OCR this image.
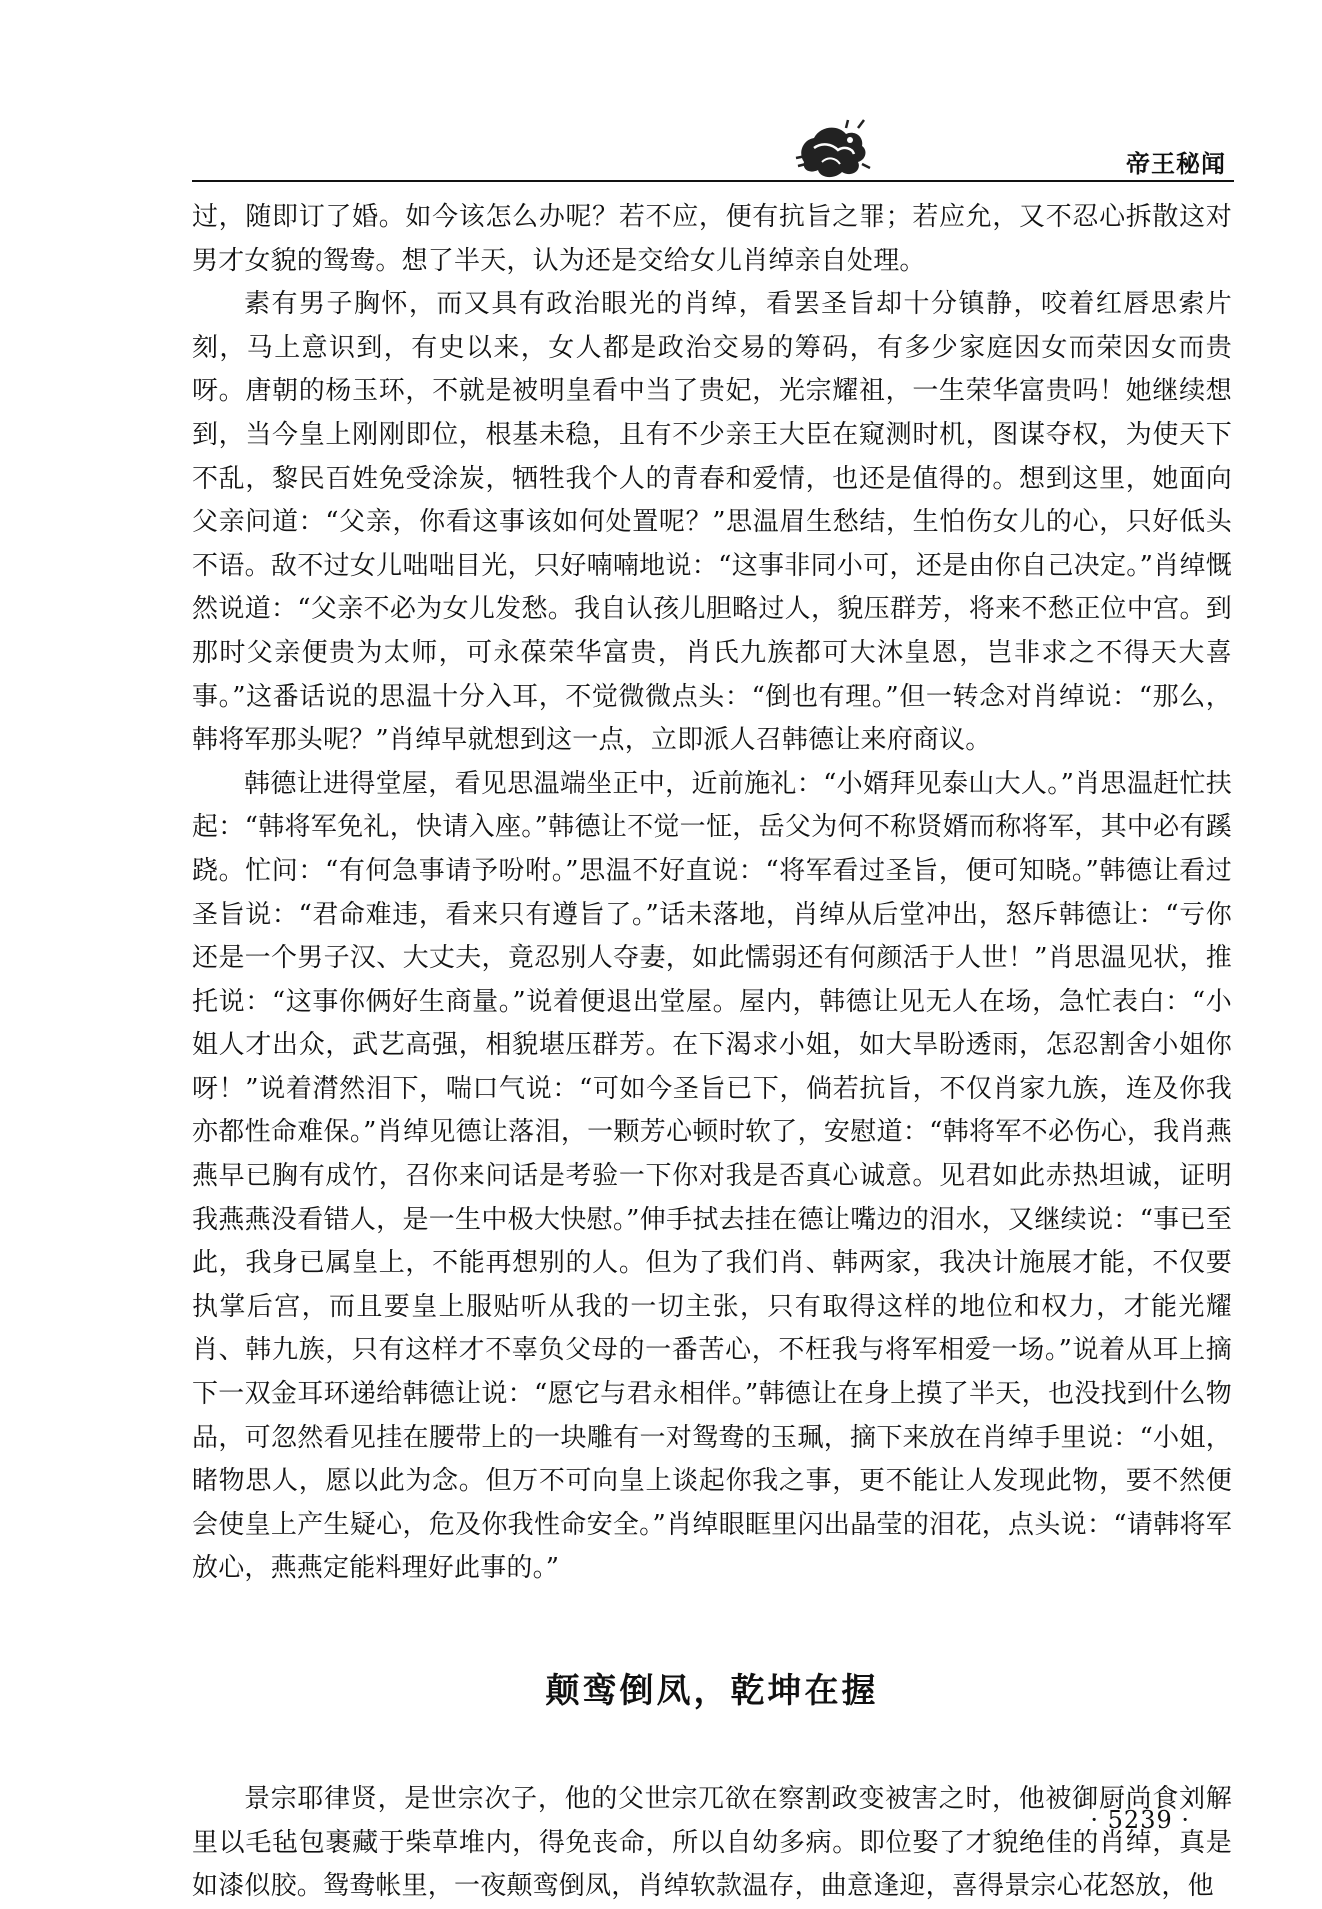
帝王秘闻

过，随即订了婚。如今该怎么办呢？若不应，便有抗旨之罪；若应允，又不忍心拆散这对男才女貌的鸳鸯。想了半天，认为还是交给女儿肖绰亲自处理。

素有男子胸怀，而又具有政治眼光的肖绰，看罢圣旨却十分镇静，咬着红唇思索片刻，马上意识到，有史以来，女人都是政治交易的筹码，有多少家庭因女而荣因女而贵呀。唐朝的杨玉环，不就是被明皇看中当了贵妃，光宗耀祖，一生荣华富贵吗！她继续想到，当今皇上刚刚即位，根基未稳，且有不少亲王大臣在窥测时机，图谋夺权，为使天下不乱，黎民百姓免受涂炭，牺牲我个人的青春和爱情，也还是值得的。想到这里，她面向父亲问道：“父亲，你看这事该如何处置呢？”思温眉生愁结，生怕伤女儿的心，只好低头不语。敌不过女儿咄咄目光，只好喃喃地说：“这事非同小可，还是由你自己决定。”肖绰慨然说道：“父亲不必为女儿发愁。我自认孩儿胆略过人，貌压群芳，将来不愁正位中宫。到那时父亲便贵为太师，可永葆荣华富贵，肖氏九族都可大沐皇恩，岂非求之不得天大喜事。”这番话说的思温十分入耳，不觉微微点头：“倒也有理。”但一转念对肖绰说：“那么，韩将军那头呢？”肖绰早就想到这一点，立即派人召韩德让来府商议。

韩德让进得堂屋，看见思温端坐正中，近前施礼：“小婿拜见泰山大人。”肖思温赶忙扶起：“韩将军免礼，快请入座。”韩德让不觉一怔，岳父为何不称贤婿而称将军，其中必有蹊跷。忙问：“有何急事请予吩咐。”思温不好直说：“将军看过圣旨，便可知晓。”韩德让看过圣旨说：“君命难违，看来只有遵旨了。”话未落地，肖绰从后堂冲出，怒斥韩德让：“亏你还是一个男子汉、大丈夫，竟忍别人夺妻，如此懦弱还有何颜活于人世！”肖思温见状，推托说：“这事你俩好生商量。”说着便退出堂屋。屋内，韩德让见无人在场，急忙表白：“小姐人才出众，武艺高强，相貌堪压群芳。在下渴求小姐，如大旱盼透雨，怎忍割舍小姐你呀！”说着潸然泪下，喘口气说：“可如今圣旨已下，倘若抗旨，不仅肖家九族，连及你我亦都性命难保。”肖绰见德让落泪，一颗芳心顿时软了，安慰道：“韩将军不必伤心，我肖燕燕早已胸有成竹，召你来问话是考验一下你对我是否真心诚意。见君如此赤热坦诚，证明我燕燕没看错人，是一生中极大快慰。”伸手拭去挂在德让嘴边的泪水，又继续说：“事已至此，我身已属皇上，不能再想别的人。但为了我们肖、韩两家，我决计施展才能，不仅要执掌后宫，而且要皇上服贴听从我的一切主张，只有取得这样的地位和权力，才能光耀肖、韩九族，只有这样才不辜负父母的一番苦心，不枉我与将军相爱一场。”说着从耳上摘下一双金耳环递给韩德让说：“愿它与君永相伴。”韩德让在身上摸了半天，也没找到什么物品，可忽然看见挂在腰带上的一块雕有一对鸳鸯的玉珮，摘下来放在肖绰手里说：“小姐，睹物思人，愿以此为念。但万不可向皇上谈起你我之事，更不能让人发现此物，要不然便会使皇上产生疑心，危及你我性命安全。”肖绰眼眶里闪出晶莹的泪花，点头说：“请韩将军放心，燕燕定能料理好此事的。”

颠鸾倒凤，乾坤在握

景宗耶律贤，是世宗次子，他的父世宗兀欲在察割政变被害之时，他被御厨尚食刘解里以毛毡包裹藏于柴草堆内，得免丧命，所以自幼多病。即位娶了才貌绝佳的肖绰，真是如漆似胶。鸳鸯帐里，一夜颠鸾倒凤，肖绰软款温存，曲意逢迎，喜得景宗心花怒放，他

· 5239 ·
